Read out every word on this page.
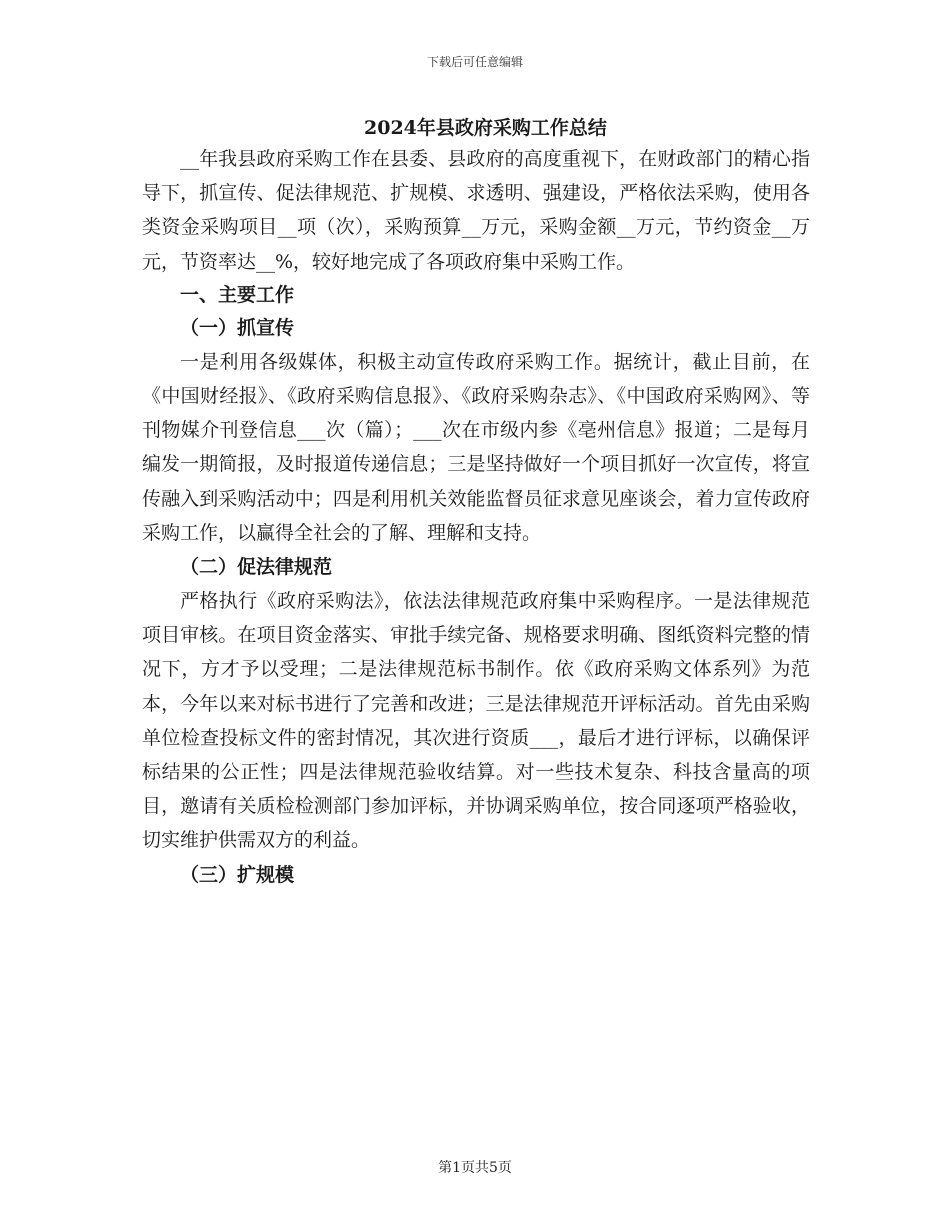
下载后可任意编辑
2024年县政府采购工作总结

__年我县政府采购工作在县委、县政府的高度重视下，在财政部门的精心指导下，抓宣传、促法律规范、扩规模、求透明、强建设，严格依法采购，使用各类资金采购项目__项（次），采购预算__万元，采购金额__万元，节约资金__万元，节资率达__%，较好地完成了各项政府集中采购工作。

一、主要工作
（一）抓宣传

一是利用各级媒体，积极主动宣传政府采购工作。据统计，截止目前，在《中国财经报》、《政府采购信息报》、《政府采购杂志》、《中国政府采购网》、等刊物媒介刊登信息___次（篇）；___次在市级内参《亳州信息》报道；二是每月编发一期简报，及时报道传递信息；三是坚持做好一个项目抓好一次宣传，将宣传融入到采购活动中；四是利用机关效能监督员征求意见座谈会，着力宣传政府采购工作，以赢得全社会的了解、理解和支持。

（二）促法律规范

严格执行《政府采购法》，依法法律规范政府集中采购程序。一是法律规范项目审核。在项目资金落实、审批手续完备、规格要求明确、图纸资料完整的情况下，方才予以受理；二是法律规范标书制作。依《政府采购文体系列》为范本，今年以来对标书进行了完善和改进；三是法律规范开评标活动。首先由采购单位检查投标文件的密封情况，其次进行资质___，最后才进行评标，以确保评标结果的公正性；四是法律规范验收结算。对一些技术复杂、科技含量高的项目，邀请有关质检检测部门参加评标，并协调采购单位，按合同逐项严格验收，切实维护供需双方的利益。

（三）扩规模
第1页共5页
